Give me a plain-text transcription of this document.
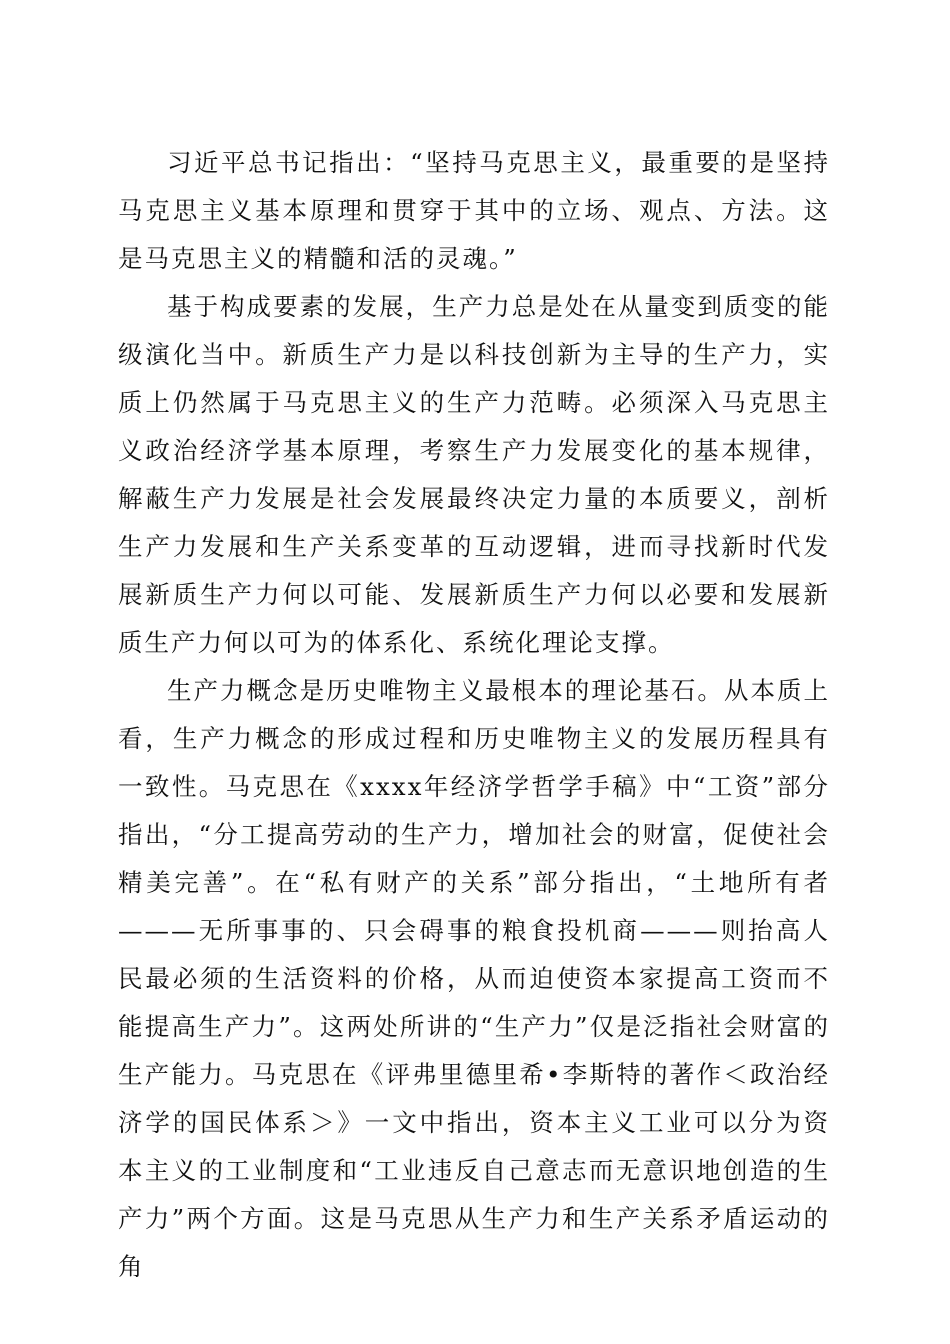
习近平总书记指出：“坚持马克思主义，最重要的是坚持马克思主义基本原理和贯穿于其中的立场、观点、方法。这是马克思主义的精髓和活的灵魂。”

基于构成要素的发展，生产力总是处在从量变到质变的能级演化当中。新质生产力是以科技创新为主导的生产力，实质上仍然属于马克思主义的生产力范畴。必须深入马克思主义政治经济学基本原理，考察生产力发展变化的基本规律，解蔽生产力发展是社会发展最终决定力量的本质要义，剖析生产力发展和生产关系变革的互动逻辑，进而寻找新时代发展新质生产力何以可能、发展新质生产力何以必要和发展新质生产力何以可为的体系化、系统化理论支撑。

生产力概念是历史唯物主义最根本的理论基石。从本质上看，生产力概念的形成过程和历史唯物主义的发展历程具有一致性。马克思在《xxxx年经济学哲学手稿》中“工资”部分指出，“分工提高劳动的生产力，增加社会的财富，促使社会精美完善”。在“私有财产的关系”部分指出，“土地所有者———无所事事的、只会碍事的粮食投机商———则抬高人民最必须的生活资料的价格，从而迫使资本家提高工资而不能提高生产力”。这两处所讲的“生产力”仅是泛指社会财富的生产能力。马克思在《评弗里德里希•李斯特的著作＜政治经济学的国民体系＞》一文中指出，资本主义工业可以分为资本主义的工业制度和“工业违反自己意志而无意识地创造的生产力”两个方面。这是马克思从生产力和生产关系矛盾运动的角
